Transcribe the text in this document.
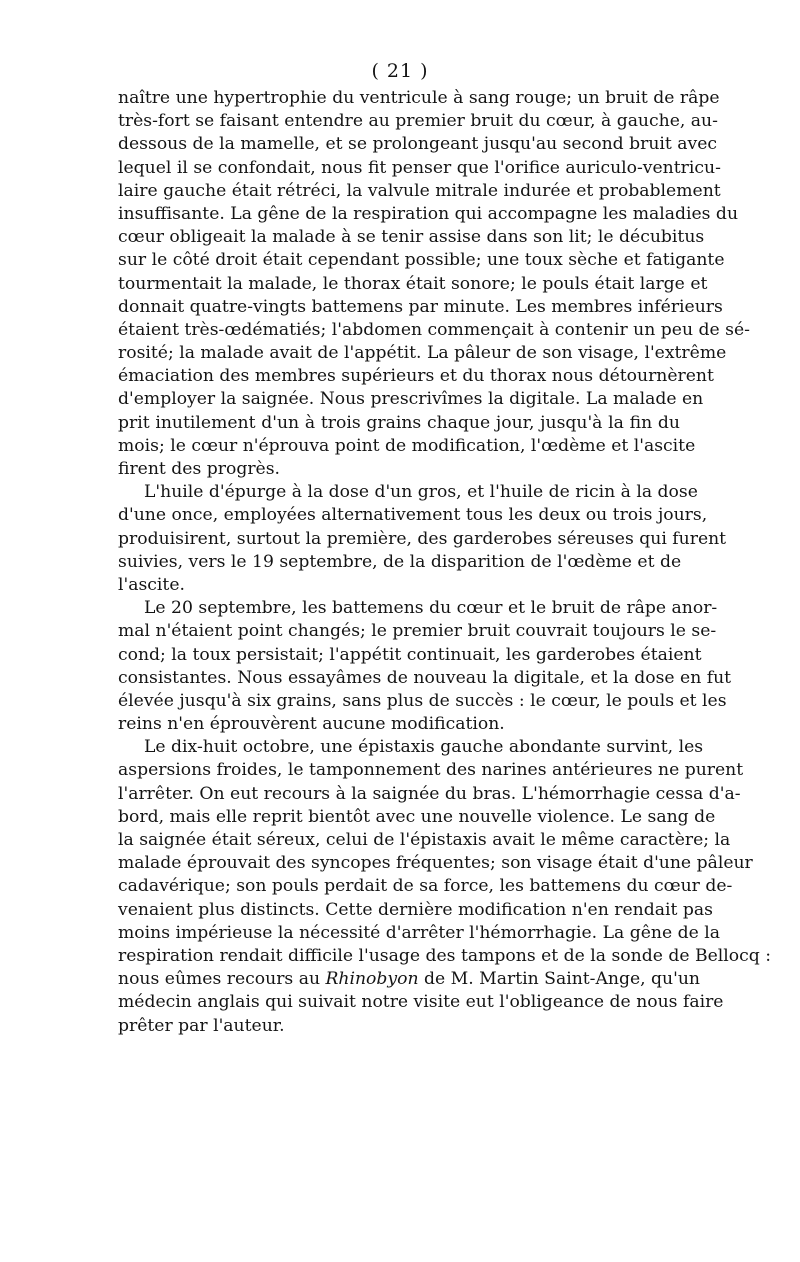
( 21 )
naître une hypertrophie du ventricule à sang rouge; un bruit de râpe
très-fort se faisant entendre au premier bruit du cœur, à gauche, au-
dessous de la mamelle, et se prolongeant jusqu'au second bruit avec
lequel il se confondait, nous fit penser que l'orifice auriculo-ventricu-
laire gauche était rétréci, la valvule mitrale indurée et probablement
insuffisante. La gêne de la respiration qui accompagne les maladies du
cœur obligeait la malade à se tenir assise dans son lit; le décubitus
sur le côté droit était cependant possible; une toux sèche et fatigante
tourmentait la malade, le thorax était sonore; le pouls était large et
donnait quatre-vingts battemens par minute. Les membres inférieurs
étaient très-œdématiés; l'abdomen commençait à contenir un peu de sé-
rosité; la malade avait de l'appétit. La pâleur de son visage, l'extrême
émaciation des membres supérieurs et du thorax nous détournèrent
d'employer la saignée. Nous prescrivîmes la digitale. La malade en
prit inutilement d'un à trois grains chaque jour, jusqu'à la fin du
mois; le cœur n'éprouva point de modification, l'œdème et l'ascite
firent des progrès.
L'huile d'épurge à la dose d'un gros, et l'huile de ricin à la dose
d'une once, employées alternativement tous les deux ou trois jours,
produisirent, surtout la première, des garderobes séreuses qui furent
suivies, vers le 19 septembre, de la disparition de l'œdème et de
l'ascite.
Le 20 septembre, les battemens du cœur et le bruit de râpe anor-
mal n'étaient point changés; le premier bruit couvrait toujours le se-
cond; la toux persistait; l'appétit continuait, les garderobes étaient
consistantes. Nous essayâmes de nouveau la digitale, et la dose en fut
élevée jusqu'à six grains, sans plus de succès : le cœur, le pouls et les
reins n'en éprouvèrent aucune modification.
Le dix-huit octobre, une épistaxis gauche abondante survint, les
aspersions froides, le tamponnement des narines antérieures ne purent
l'arrêter. On eut recours à la saignée du bras. L'hémorrhagie cessa d'a-
bord, mais elle reprit bientôt avec une nouvelle violence. Le sang de
la saignée était séreux, celui de l'épistaxis avait le même caractère; la
malade éprouvait des syncopes fréquentes; son visage était d'une pâleur
cadavérique; son pouls perdait de sa force, les battemens du cœur de-
venaient plus distincts. Cette dernière modification n'en rendait pas
moins impérieuse la nécessité d'arrêter l'hémorrhagie. La gêne de la
respiration rendait difficile l'usage des tampons et de la sonde de Bellocq :
nous eûmes recours au Rhinobyon de M. Martin Saint-Ange, qu'un
médecin anglais qui suivait notre visite eut l'obligeance de nous faire
prêter par l'auteur.
